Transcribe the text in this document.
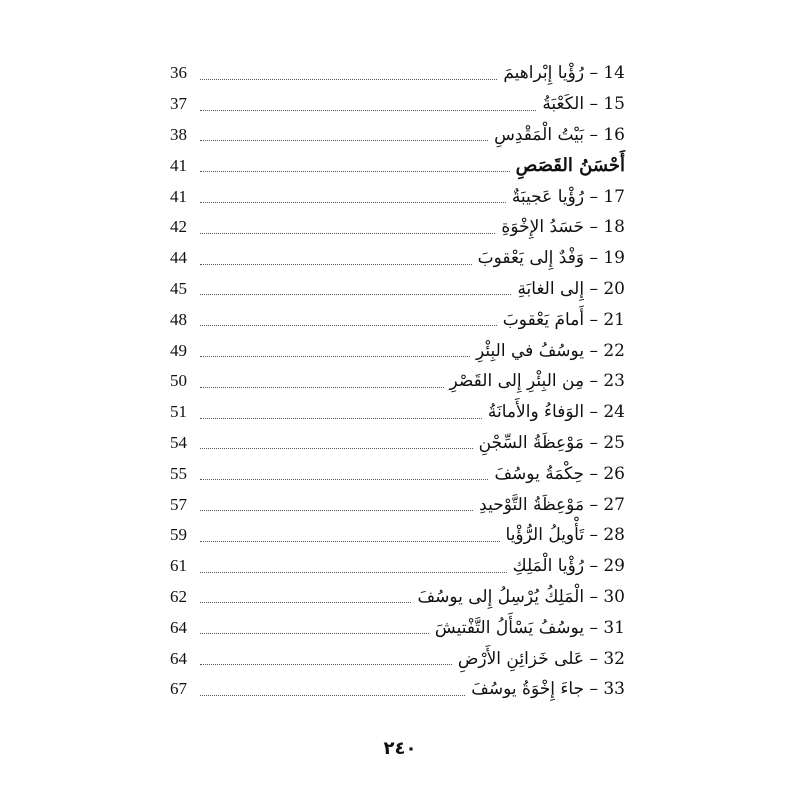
36	14 – رُؤْيا إِبْراهيمَ
37	15 – الكَعْبَةُ
38	16 – بَيْتُ الْمَقْدِسِ
41	أَحْسَنُ القَصَصِ
41	17 – رُؤْيا عَجيبَةٌ
42	18 – حَسَدُ الإِخْوَةِ
44	19 – وَفْدٌ إِلى يَعْقوبَ
45	20 – إِلى الغابَةِ
48	21 – أَمامَ يَعْقوبَ
49	22 – يوسُفُ في البِئْرِ
50	23 – مِن البِئْرِ إِلى القَصْرِ
51	24 – الوَفاءُ والأَمانَةُ
54	25 – مَوْعِظَةُ السِّجْنِ
55	26 – حِكْمَةُ يوسُفَ
57	27 – مَوْعِظَةُ التَّوْحيدِ
59	28 – تَأْويلُ الرُّؤْيا
61	29 – رُؤْيا الْمَلِكِ
62	30 – الْمَلِكُ يُرْسِلُ إِلى يوسُفَ
64	31 – يوسُفُ يَسْأَلُ التَّفْتيشَ
64	32 – عَلى خَزائِنِ الأَرْضِ
67	33 – جاءَ إِخْوَةُ يوسُفَ
٢٤٠
